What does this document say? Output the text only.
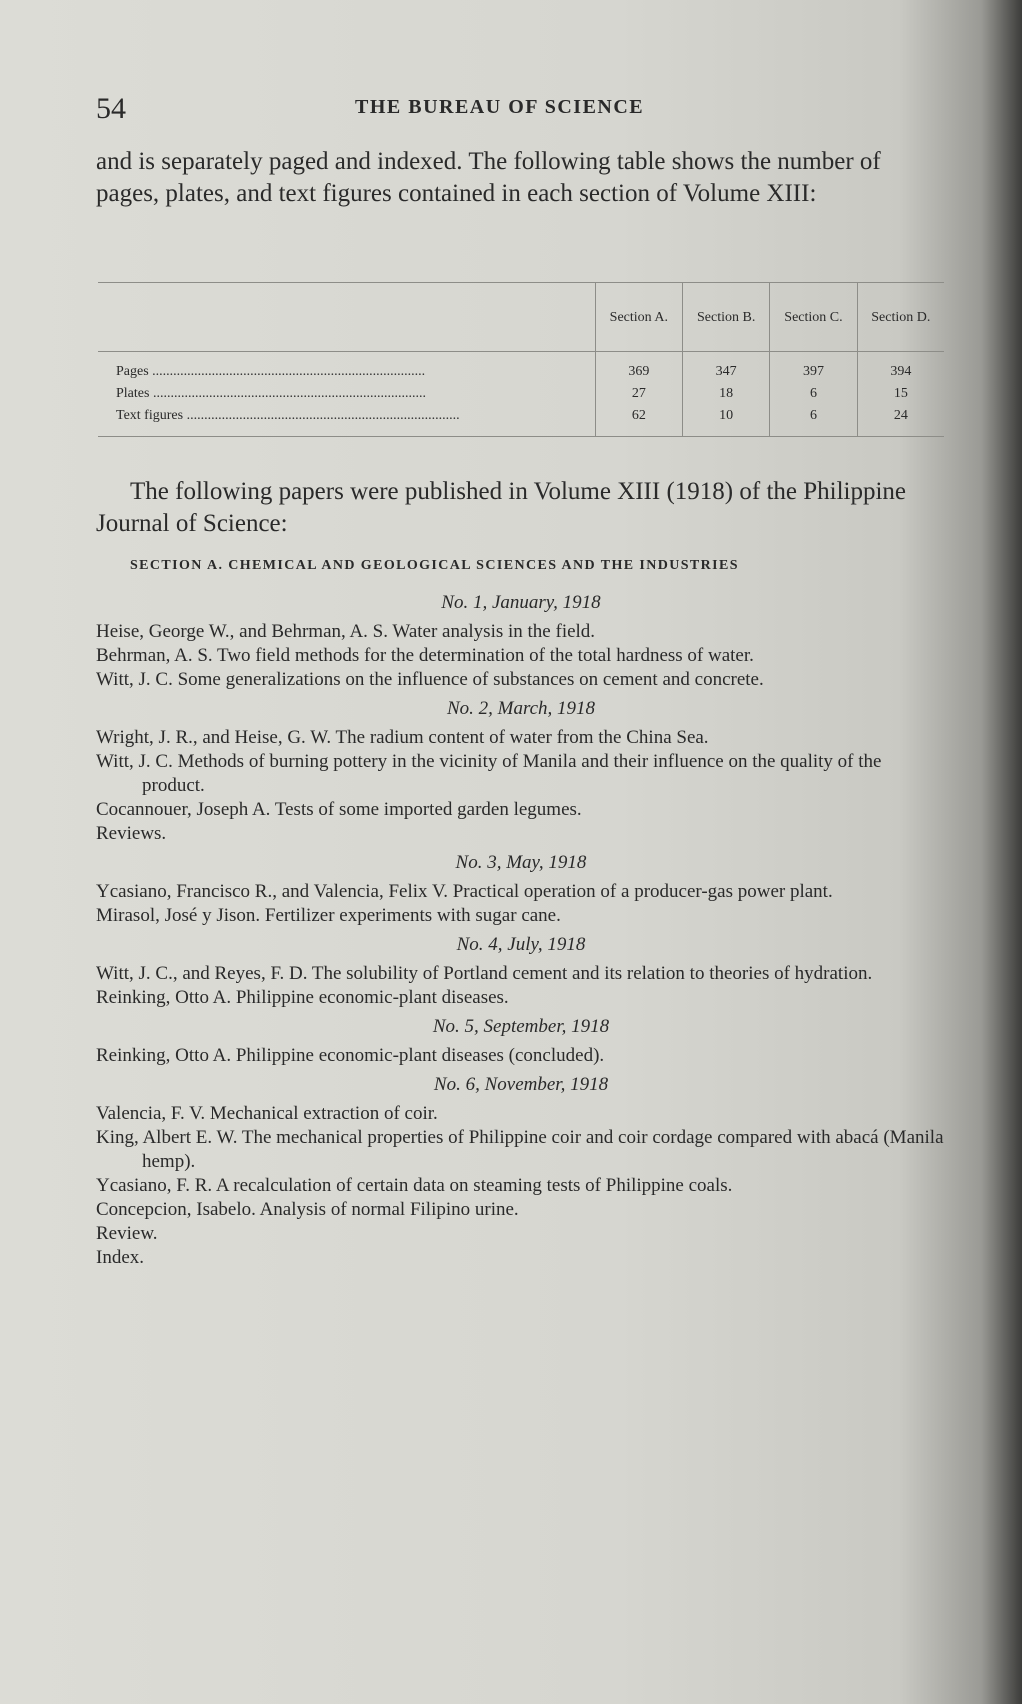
54	THE BUREAU OF SCIENCE

and is separately paged and indexed. The following table shows the number of pages, plates, and text figures contained in each section of Volume XIII:

	Section A.	Section B.	Section C.	Section D.
Pages ..............................................................................	369	347	397	394
Plates ..............................................................................	27	18	6	15
Text figures ..............................................................................	62	10	6	24

The following papers were published in Volume XIII (1918) of the Philippine Journal of Science:

SECTION A. CHEMICAL AND GEOLOGICAL SCIENCES AND THE INDUSTRIES
No. 1, January, 1918

Heise, George W., and Behrman, A. S. Water analysis in the field.

Behrman, A. S. Two field methods for the determination of the total hardness of water.

Witt, J. C. Some generalizations on the influence of substances on cement and concrete.

No. 2, March, 1918

Wright, J. R., and Heise, G. W. The radium content of water from the China Sea.

Witt, J. C. Methods of burning pottery in the vicinity of Manila and their influence on the quality of the product.

Cocannouer, Joseph A. Tests of some imported garden legumes.

Reviews.

No. 3, May, 1918

Ycasiano, Francisco R., and Valencia, Felix V. Practical operation of a producer-gas power plant.

Mirasol, José y Jison. Fertilizer experiments with sugar cane.

No. 4, July, 1918

Witt, J. C., and Reyes, F. D. The solubility of Portland cement and its relation to theories of hydration.

Reinking, Otto A. Philippine economic-plant diseases.

No. 5, September, 1918

Reinking, Otto A. Philippine economic-plant diseases (concluded).

No. 6, November, 1918

Valencia, F. V. Mechanical extraction of coir.

King, Albert E. W. The mechanical properties of Philippine coir and coir cordage compared with abacá (Manila hemp).

Ycasiano, F. R. A recalculation of certain data on steaming tests of Philippine coals.

Concepcion, Isabelo. Analysis of normal Filipino urine.

Review.

Index.
